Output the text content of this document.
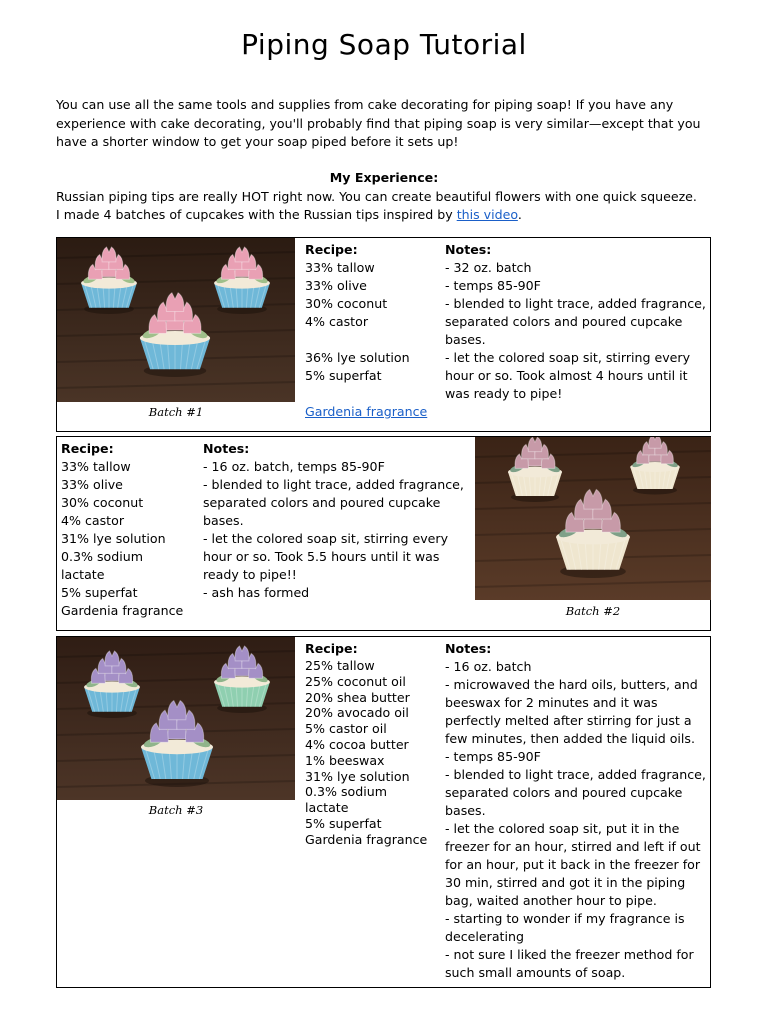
Piping Soap Tutorial
You can use all the same tools and supplies from cake decorating for piping soap! If you have any
experience with cake decorating, you'll probably find that piping soap is very similar—except that you
have a shorter window to get your soap piped before it sets up!
My Experience:
Russian piping tips are really HOT right now. You can create beautiful flowers with one quick squeeze.
I made 4 batches of cupcakes with the Russian tips inspired by this video.
Batch #1
Recipe:
33% tallow
33% olive
30% coconut
4% castor
36% lye solution
5% superfat
Gardenia fragrance
Notes:
- 32 oz. batch
- temps 85-90F
- blended to light trace, added fragrance,
separated colors and poured cupcake
bases.
- let the colored soap sit, stirring every
hour or so. Took almost 4 hours until it
was ready to pipe!
Recipe:
33% tallow
33% olive
30% coconut
4% castor
31% lye solution
0.3% sodium
lactate
5% superfat
Gardenia fragrance
Notes:
- 16 oz. batch, temps 85-90F
- blended to light trace, added fragrance,
separated colors and poured cupcake
bases.
- let the colored soap sit, stirring every
hour or so. Took 5.5 hours until it was
ready to pipe!!
- ash has formed
Batch #2
Batch #3
Recipe:
25% tallow
25% coconut oil
20% shea butter
20% avocado oil
5% castor oil
4% cocoa butter
1% beeswax
31% lye solution
0.3% sodium
lactate
5% superfat
Gardenia fragrance
Notes:
- 16 oz. batch
- microwaved the hard oils, butters, and
beeswax for 2 minutes and it was
perfectly melted after stirring for just a
few minutes, then added the liquid oils.
- temps 85-90F
- blended to light trace, added fragrance,
separated colors and poured cupcake
bases.
- let the colored soap sit, put it in the
freezer for an hour, stirred and left if out
for an hour, put it back in the freezer for
30 min, stirred and got it in the piping
bag, waited another hour to pipe.
- starting to wonder if my fragrance is
decelerating
- not sure I liked the freezer method for
such small amounts of soap.
